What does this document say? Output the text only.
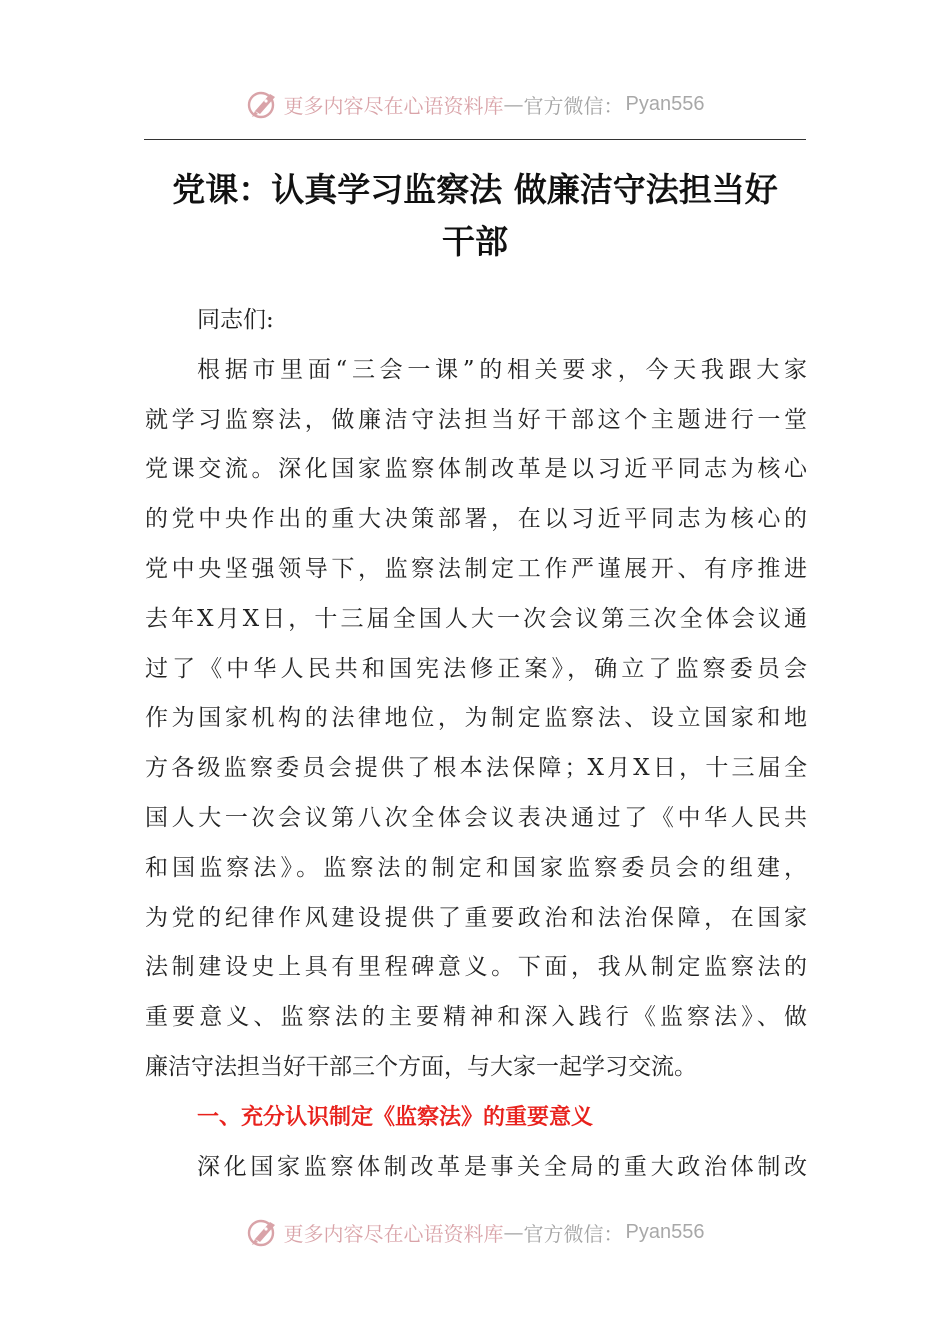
更多内容尽在心语资料库 — 官方微信： Pyan556
党课：认真学习监察法 做廉洁守法担当好
干部
同志们:
根据市里面“三会一课”的相关要求，今天我跟大家
就学习监察法，做廉洁守法担当好干部这个主题进行一堂
党课交流。深化国家监察体制改革是以习近平同志为核心
的党中央作出的重大决策部署，在以习近平同志为核心的
党中央坚强领导下，监察法制定工作严谨展开、有序推进
去年X月X日，十三届全国人大一次会议第三次全体会议通
过了《中华人民共和国宪法修正案》，确立了监察委员会
作为国家机构的法律地位，为制定监察法、设立国家和地
方各级监察委员会提供了根本法保障；X月X日，十三届全
国人大一次会议第八次全体会议表决通过了《中华人民共
和国监察法》。监察法的制定和国家监察委员会的组建，
为党的纪律作风建设提供了重要政治和法治保障，在国家
法制建设史上具有里程碑意义。下面，我从制定监察法的
重要意义、监察法的主要精神和深入践行《监察法》、做
廉洁守法担当好干部三个方面，与大家一起学习交流。
一、充分认识制定《监察法》的重要意义
深化国家监察体制改革是事关全局的重大政治体制改
更多内容尽在心语资料库 — 官方微信： Pyan556
